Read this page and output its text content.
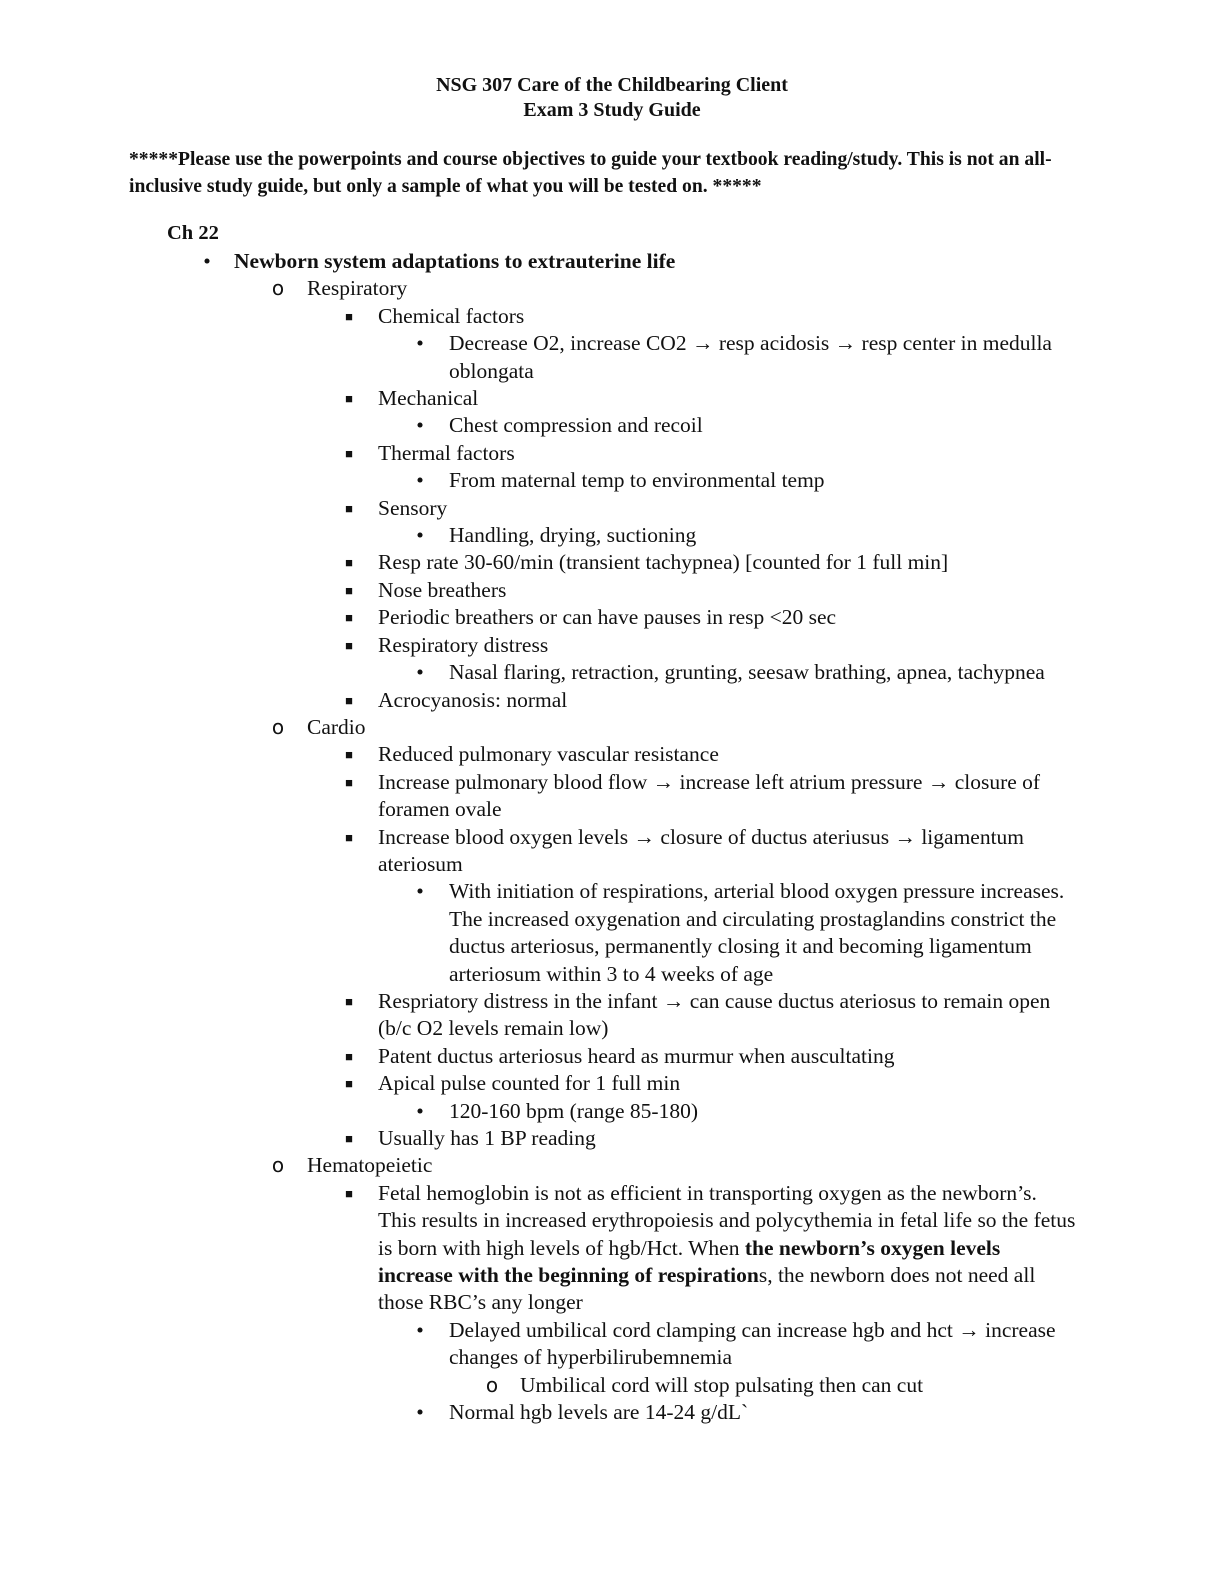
NSG 307 Care of the Childbearing Client
Exam 3 Study Guide
*****Please use the powerpoints and course objectives to guide your textbook reading/study. This is not an all-inclusive study guide, but only a sample of what you will be tested on. *****
Ch 22
•	Newborn system adaptations to extrauterine life
o Respiratory
■	Chemical factors
•	Decrease O2, increase CO2 → resp acidosis → resp center in medulla oblongata
■	Mechanical
•	Chest compression and recoil
■	Thermal factors
•	From maternal temp to environmental temp
■	Sensory
•	Handling, drying, suctioning
■	Resp rate 30-60/min (transient tachypnea) [counted for 1 full min]
■	Nose breathers
■	Periodic breathers or can have pauses in resp <20 sec
■	Respiratory distress
•	Nasal flaring, retraction, grunting, seesaw brathing, apnea, tachypnea
■	Acrocyanosis: normal
o Cardio
■	Reduced pulmonary vascular resistance
■	Increase pulmonary blood flow → increase left atrium pressure → closure of foramen ovale
■	Increase blood oxygen levels → closure of ductus ateriusus → ligamentum ateriosum
•	With initiation of respirations, arterial blood oxygen pressure increases. The increased oxygenation and circulating prostaglandins constrict the ductus arteriosus, permanently closing it and becoming ligamentum arteriosum within 3 to 4 weeks of age
■	Respriatory distress in the infant → can cause ductus ateriosus to remain open (b/c O2 levels remain low)
■	Patent ductus arteriosus heard as murmur when auscultating
■	Apical pulse counted for 1 full min
•	120-160 bpm (range 85-180)
■	Usually has 1 BP reading
o Hematopeietic
■	Fetal hemoglobin is not as efficient in transporting oxygen as the newborn’s. This results in increased erythropoiesis and polycythemia in fetal life so the fetus is born with high levels of hgb/Hct. When the newborn’s oxygen levels increase with the beginning of respirations, the newborn does not need all those RBC’s any longer
•	Delayed umbilical cord clamping can increase hgb and hct → increase changes of hyperbilirubemnemia
o Umbilical cord will stop pulsating then can cut
•	Normal hgb levels are 14-24 g/dL`
